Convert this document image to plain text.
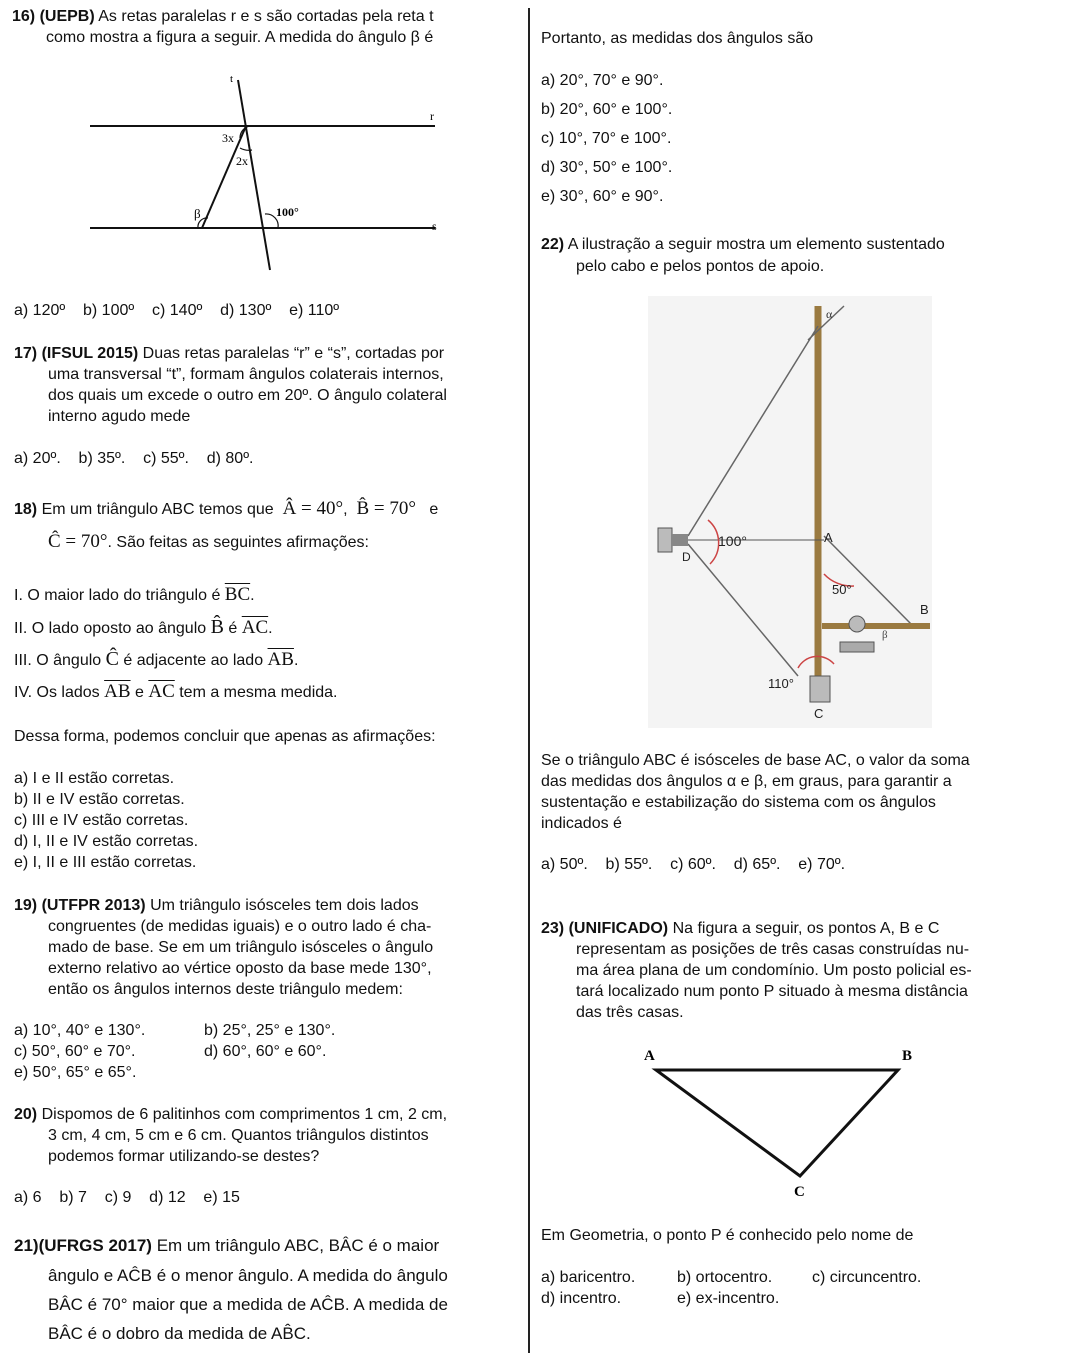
16) (UEPB) As retas paralelas r e s são cortadas pela reta t
como mostra a figura a seguir. A medida do ângulo β é
t
r
s
3x
2x
β	100°
a) 120º b) 100º c) 140º d) 130º e) 110º
17) (IFSUL 2015) Duas retas paralelas “r” e “s”, cortadas por
uma transversal “t”, formam ângulos colaterais internos,
dos quais um excede o outro em 20º. O ângulo colateral
interno agudo mede
a) 20º. b) 35º. c) 55º. d) 80º.
18) Em um triângulo ABC temos que Â = 40°,  B̂ = 70° e
Ĉ = 70°. São feitas as seguintes afirmações:
I. O maior lado do triângulo é $\overline{BC}$.
II. O lado oposto ao ângulo B̂ é $\overline{AC}$.
III. O ângulo Ĉ é adjacente ao lado $\overline{AB}$.
IV. Os lados $\overline{AB}$ e $\overline{AC}$ tem a mesma medida.
Dessa forma, podemos concluir que apenas as afirmações:
a) I e II estão corretas.
b) II e IV estão corretas.
c) III e IV estão corretas.
d) I, II e IV estão corretas.
e) I, II e III estão corretas.
19) (UTFPR 2013) Um triângulo isósceles tem dois lados
congruentes (de medidas iguais) e o outro lado é cha-
mado de base. Se em um triângulo isósceles o ângulo
externo relativo ao vértice oposto da base mede 130°,
então os ângulos internos deste triângulo medem:
a) 10°, 40° e 130°.	b) 25°, 25° e 130°.
c) 50°, 60° e 70°.	d) 60°, 60° e 60°.
e) 50°, 65° e 65°.
20) Dispomos de 6 palitinhos com comprimentos 1 cm, 2 cm,
3 cm, 4 cm, 5 cm e 6 cm. Quantos triângulos distintos
podemos formar utilizando-se destes?
a) 6 b) 7 c) 9 d) 12 e) 15
21)(UFRGS 2017) Em um triângulo ABC, BÂC é o maior
ângulo e AĈB é o menor ângulo. A medida do ângulo
BÂC é 70° maior que a medida de AĈB. A medida de
BÂC é o dobro da medida de AB̂C.
Portanto, as medidas dos ângulos são
a) 20°, 70° e 90°.
b) 20°, 60° e 100°.
c) 10°, 70° e 100°.
d) 30°, 50° e 100°.
e) 30°, 60° e 90°.
22) A ilustração a seguir mostra um elemento sustentado
pelo cabo e pelos pontos de apoio.
α
100°	A
D
50°
B
β
110°
C
Se o triângulo ABC é isósceles de base AC, o valor da soma
das medidas dos ângulos α e β, em graus, para garantir a
sustentação e estabilização do sistema com os ângulos
indicados é
a) 50º. b) 55º. c) 60º. d) 65º. e) 70º.
23) (UNIFICADO) Na figura a seguir, os pontos A, B e C
representam as posições de três casas construídas nu-
ma área plana de um condomínio. Um posto policial es-
tará localizado num ponto P situado à mesma distância
das três casas.
A	B
C
Em Geometria, o ponto P é conhecido pelo nome de
a) baricentro.	b) ortocentro. c) circuncentro.
d) incentro.	e) ex-incentro.
